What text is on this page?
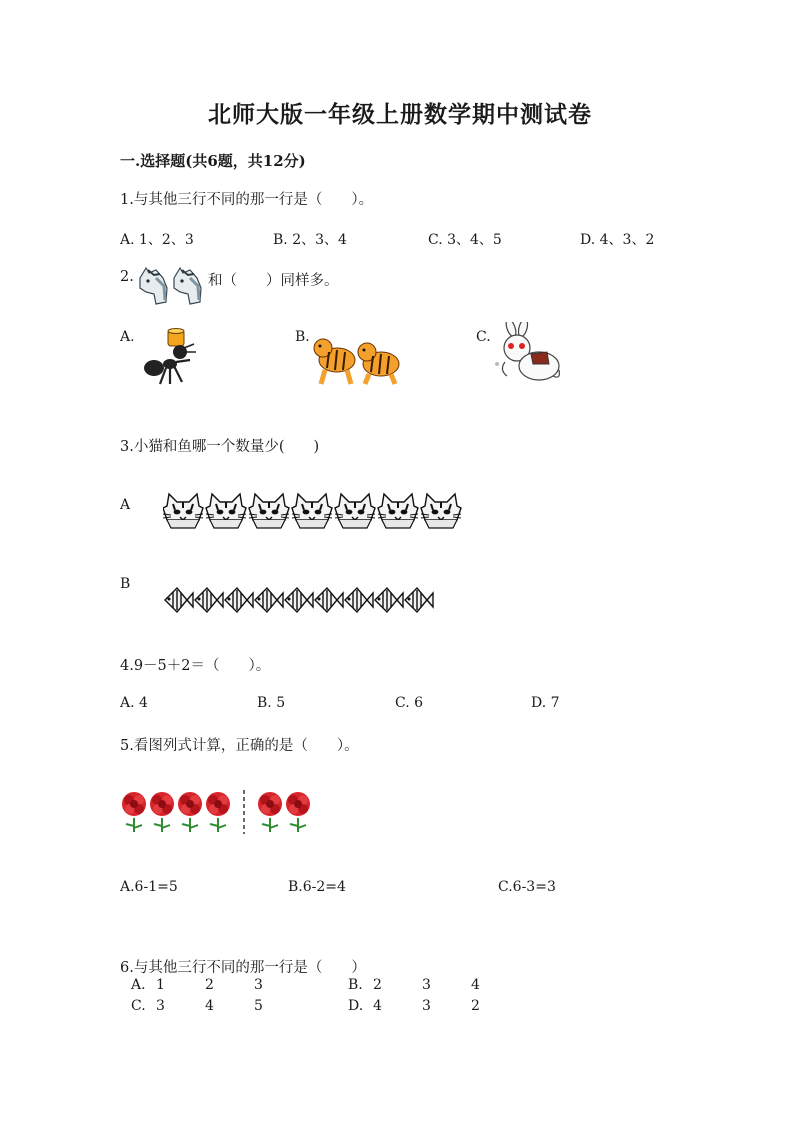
北师大版一年级上册数学期中测试卷
一.选择题(共6题，共12分)
1.与其他三行不同的那一行是（　　）。
A. 1、2、3	B. 2、3、4	C. 3、4、5	D. 4、3、2
2.	和（　　）同样多。
A.	B.	C.
3.小猫和鱼哪一个数量少(　　)
A
B
4.9－5＋2＝（　　）。
A. 4	B. 5	C. 6	D. 7
5.看图列式计算，正确的是（　　）。
A.6-1=5	B.6-2=4	C.6-3=3
6.与其他三行不同的那一行是（　　）
A. 1	2	3	B. 2	3	4
C. 3	4	5	D. 4	3	2
